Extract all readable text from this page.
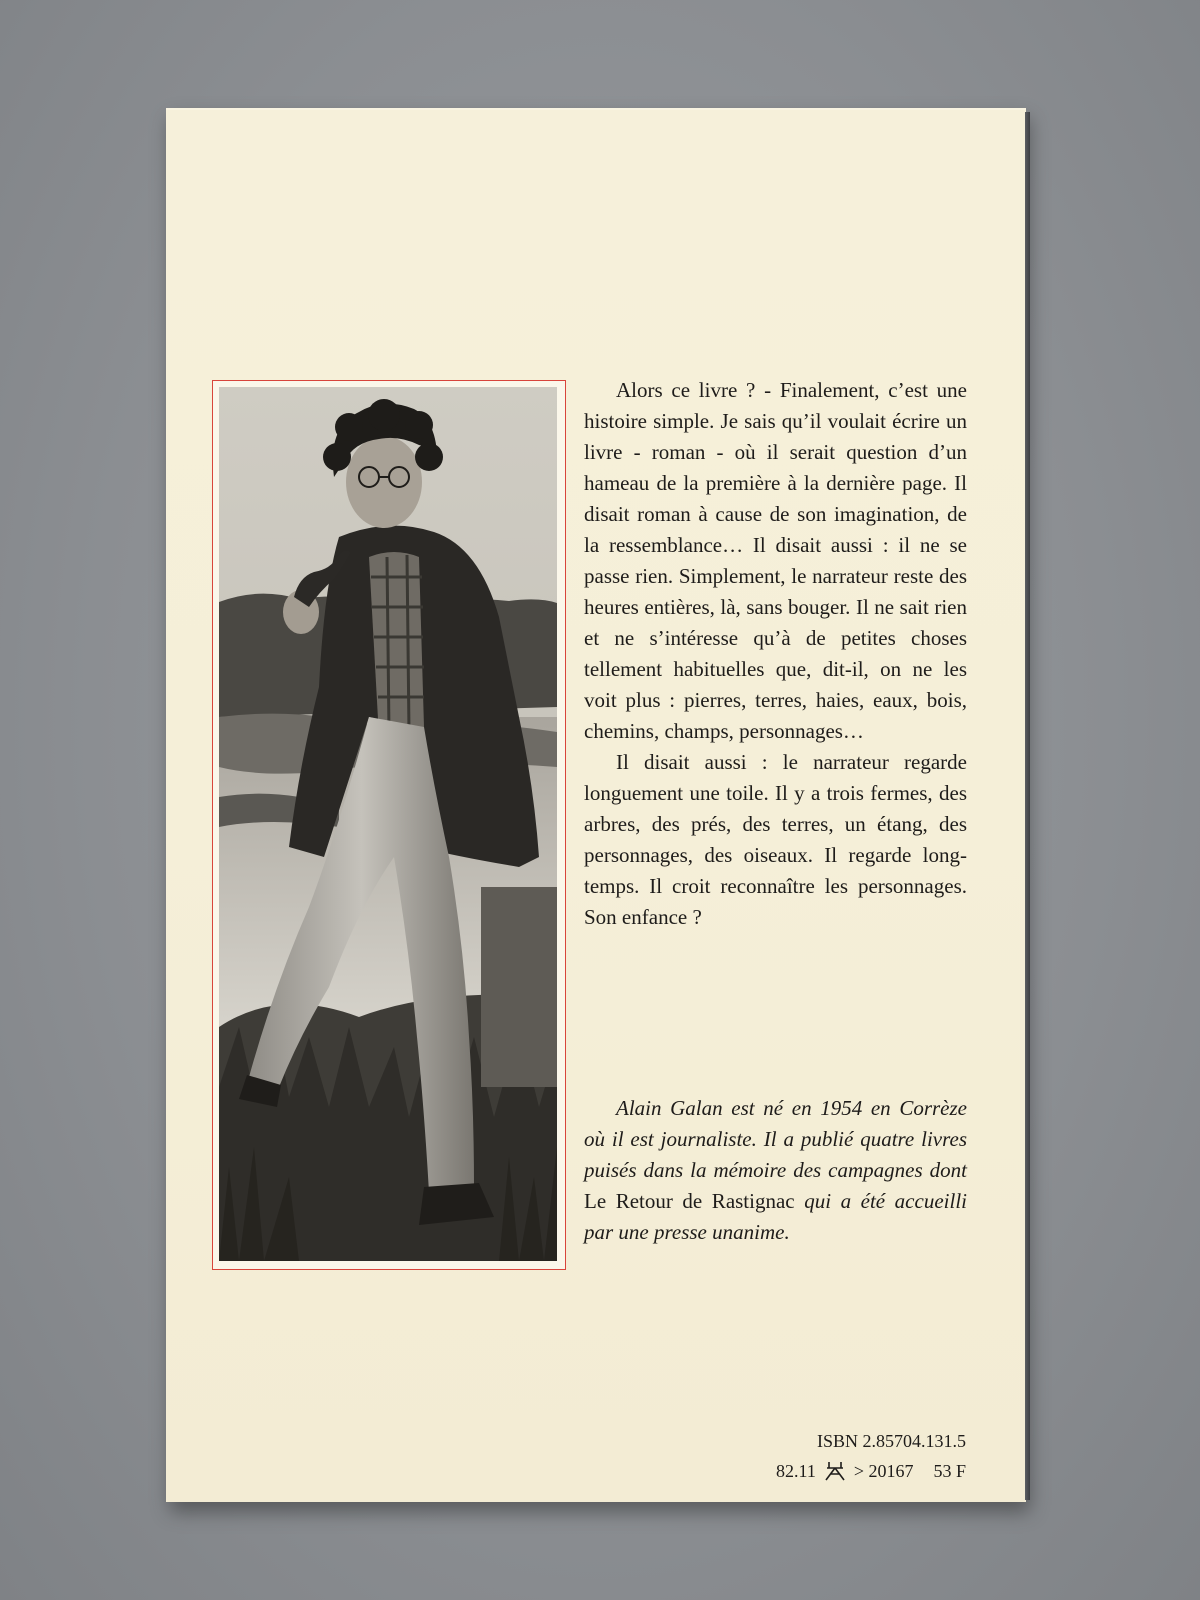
Alors ce livre ? - Finalement, c’est une histoire simple. Je sais qu’il voulait écrire un livre - roman - où il serait question d’un hameau de la première à la dernière page. Il disait roman à cause de son imagination, de la ressemblance… Il disait aussi : il ne se passe rien. Simplement, le narrateur reste des heures entières, là, sans bouger. Il ne sait rien et ne s’intéresse qu’à de petites choses tellement habituelles que, dit-il, on ne les voit plus : pierres, terres, haies, eaux, bois, chemins, champs, personnages…

Il disait aussi : le narrateur regarde longuement une toile. Il y a trois fermes, des arbres, des prés, des terres, un étang, des personnages, des oiseaux. Il regarde longtemps. Il croit reconnaître les personnages. Son enfance ?

Alain Galan est né en 1954 en Corrèze où il est journaliste. Il a publié quatre livres puisés dans la mémoire des campagnes dont Le Retour de Rastignac qui a été accueilli par une presse unanime.

ISBN 2.85704.131.5
82.11 > 20167 53 F
